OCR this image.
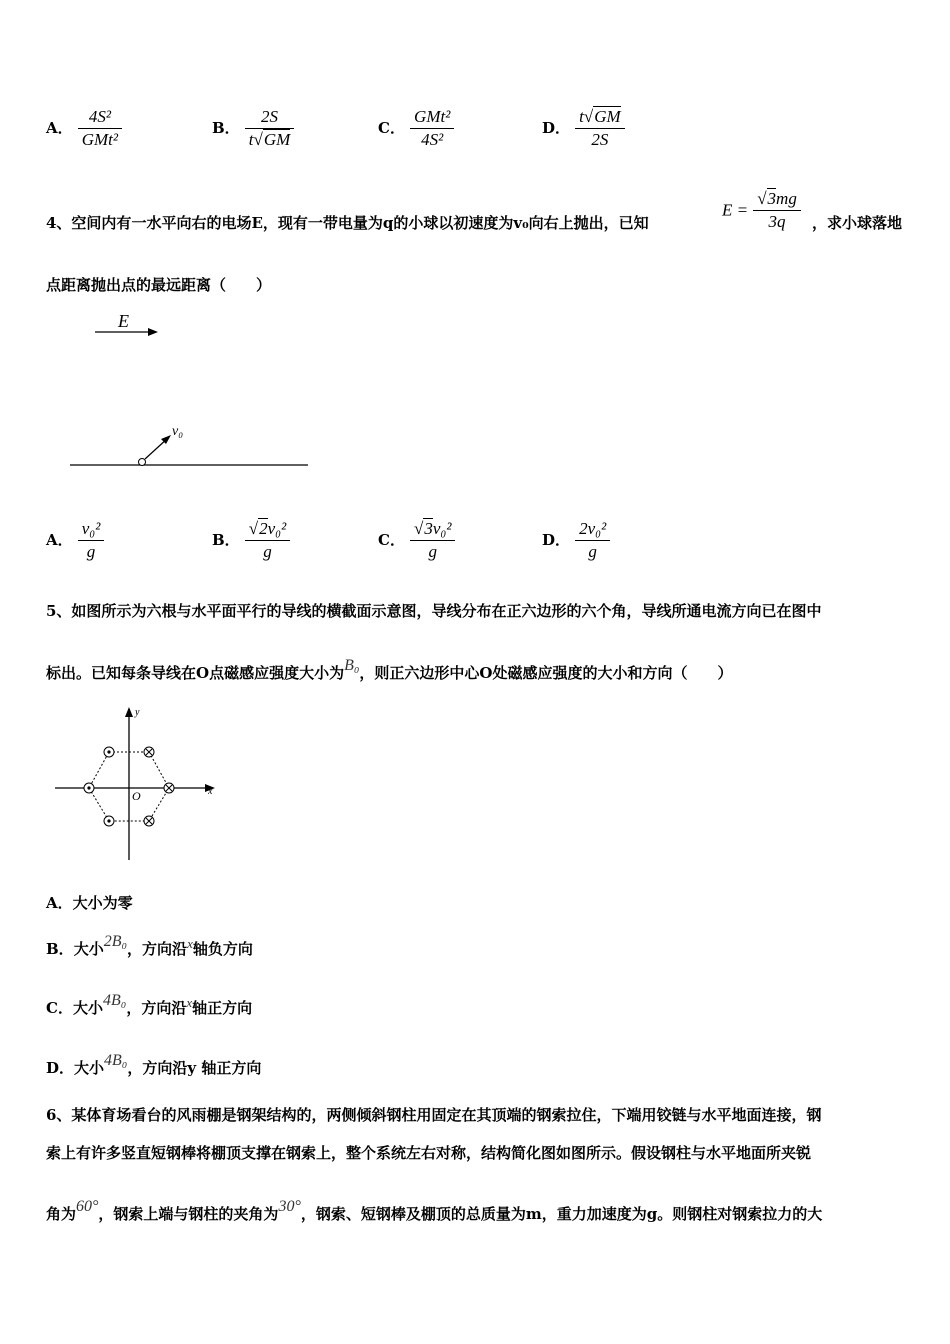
A． $\frac{\text{4S²}}{\text{GMt²}}$	B． $\frac{2S}{t√GM}$	C． $\frac{\text{GMt²}}{\text{4S²}}$	D． $\frac{t√GM}{2S}$
4、空间内有一水平向右的电场E，现有一带电量为q的小球以初速度为v₀向右上抛出，已知
$E = \frac{√3mg}{3q}$ ，求小球落地
点距离抛出点的最远距离（　　）
E
v₀
A． $\frac{\text{v₀²}}{g}$	B． $\frac{\text{√2v₀²}}{g}$	C． $\frac{\text{√3v₀²}}{g}$	D． $\frac{\text{2v₀²}}{g}$
5、如图所示为六根与水平面平行的导线的横截面示意图，导线分布在正六边形的六个角，导线所通电流方向已在图中
标出。已知每条导线在O点磁感应强度大小为B₀，则正六边形中心O处磁感应强度的大小和方向（　　）
x
y
O
A．大小为零
B．大小2B₀，方向沿x轴负方向
C．大小4B₀，方向沿x轴正方向
D．大小4B₀，方向沿y 轴正方向
6、某体育场看台的风雨棚是钢架结构的，两侧倾斜钢柱用固定在其顶端的钢索拉住，下端用铰链与水平地面连接，钢
索上有许多竖直短钢棒将棚顶支撑在钢索上，整个系统左右对称，结构简化图如图所示。假设钢柱与水平地面所夹锐
角为60°，钢索上端与钢柱的夹角为30°，钢索、短钢棒及棚顶的总质量为m，重力加速度为g。则钢柱对钢索拉力的大
